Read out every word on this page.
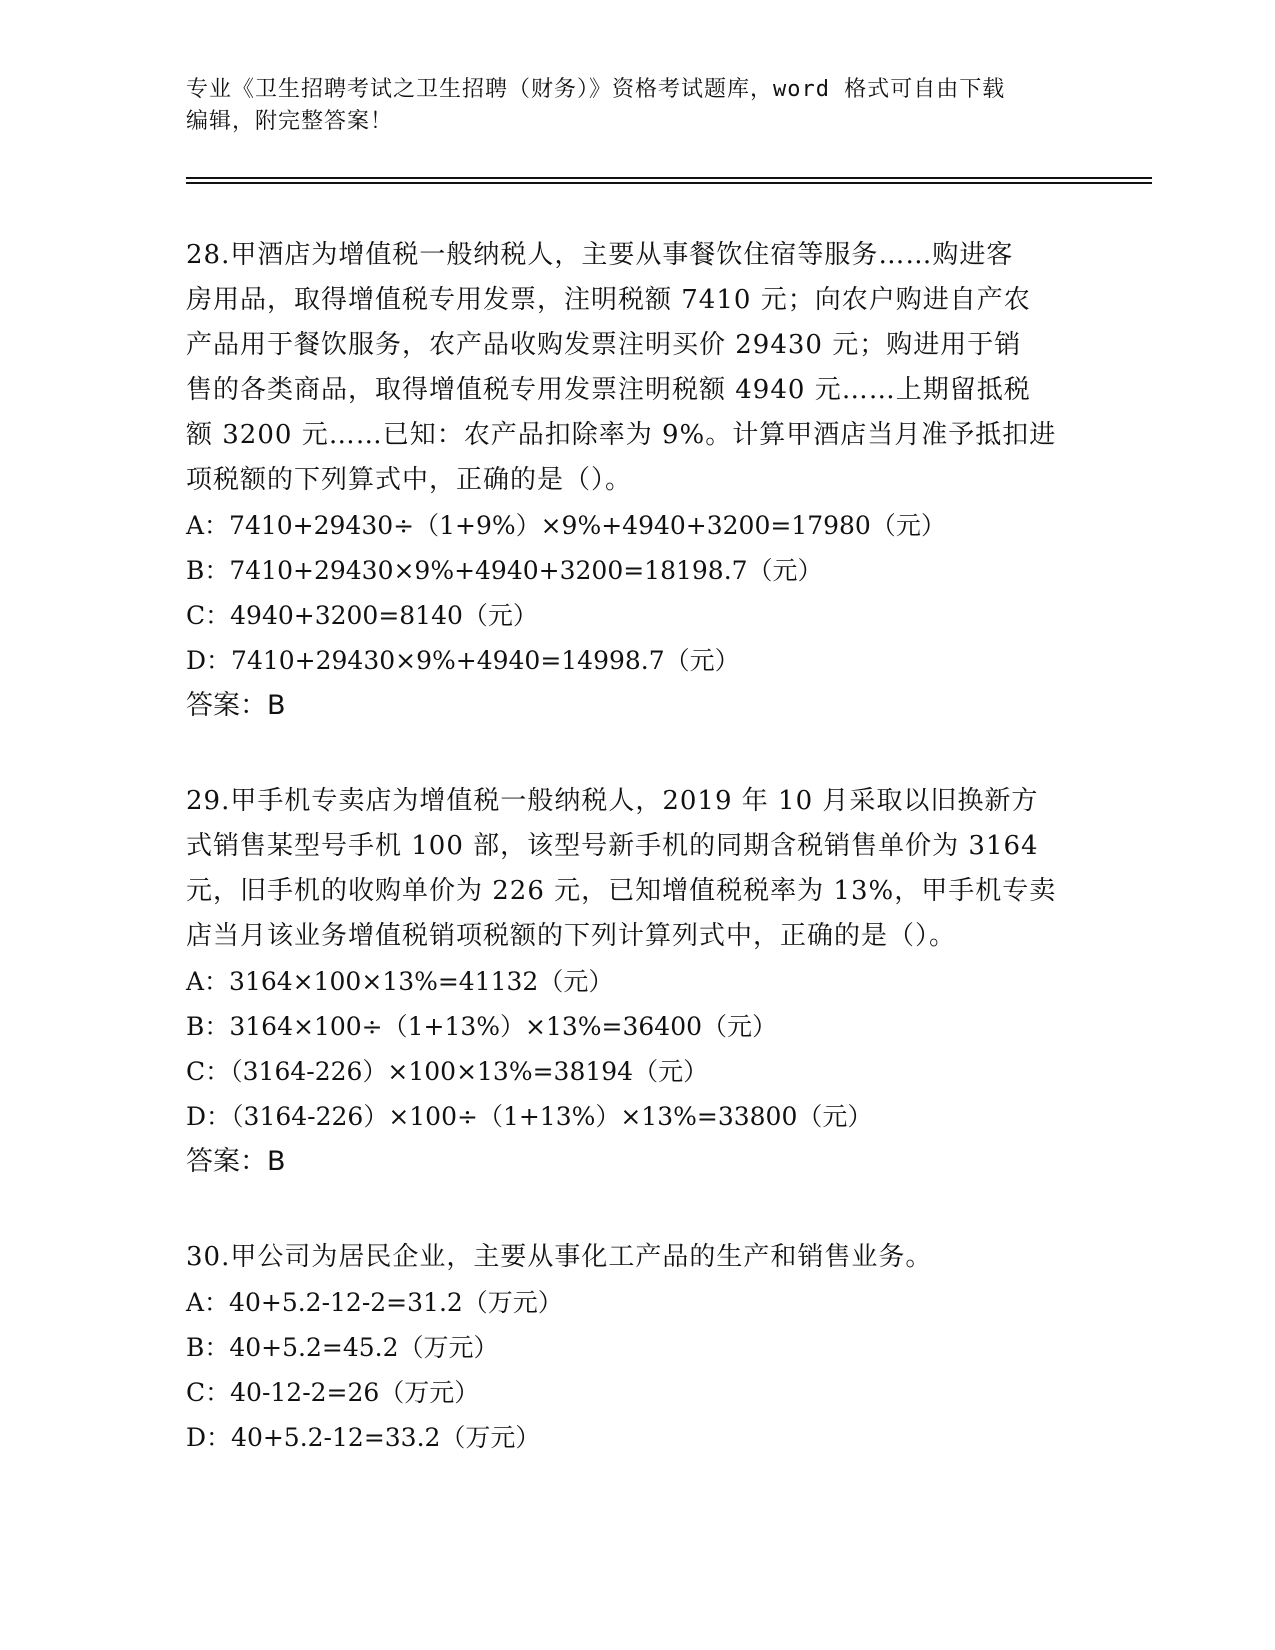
专业《卫生招聘考试之卫生招聘（财务）》资格考试题库，word 格式可自由下载
编辑，附完整答案！

28.甲酒店为增值税一般纳税人，主要从事餐饮住宿等服务……购进客

房用品，取得增值税专用发票，注明税额 7410 元；向农户购进自产农

产品用于餐饮服务，农产品收购发票注明买价 29430 元；购进用于销

售的各类商品，取得增值税专用发票注明税额 4940 元……上期留抵税

额 3200 元……已知：农产品扣除率为 9%。计算甲酒店当月准予抵扣进

项税额的下列算式中，正确的是（）。

A：7410+29430÷（1+9%）×9%+4940+3200=17980（元）

B：7410+29430×9%+4940+3200=18198.7（元）

C：4940+3200=8140（元）

D：7410+29430×9%+4940=14998.7（元）

答案：B

29.甲手机专卖店为增值税一般纳税人，2019 年 10 月采取以旧换新方

式销售某型号手机 100 部，该型号新手机的同期含税销售单价为 3164

元，旧手机的收购单价为 226 元，已知增值税税率为 13%，甲手机专卖

店当月该业务增值税销项税额的下列计算列式中，正确的是（）。

A：3164×100×13%=41132（元）

B：3164×100÷（1+13%）×13%=36400（元）

C：（3164-226）×100×13%=38194（元）

D：（3164-226）×100÷（1+13%）×13%=33800（元）

答案：B

30.甲公司为居民企业，主要从事化工产品的生产和销售业务。

A：40+5.2-12-2=31.2（万元）

B：40+5.2=45.2（万元）

C：40-12-2=26（万元）

D：40+5.2-12=33.2（万元）
